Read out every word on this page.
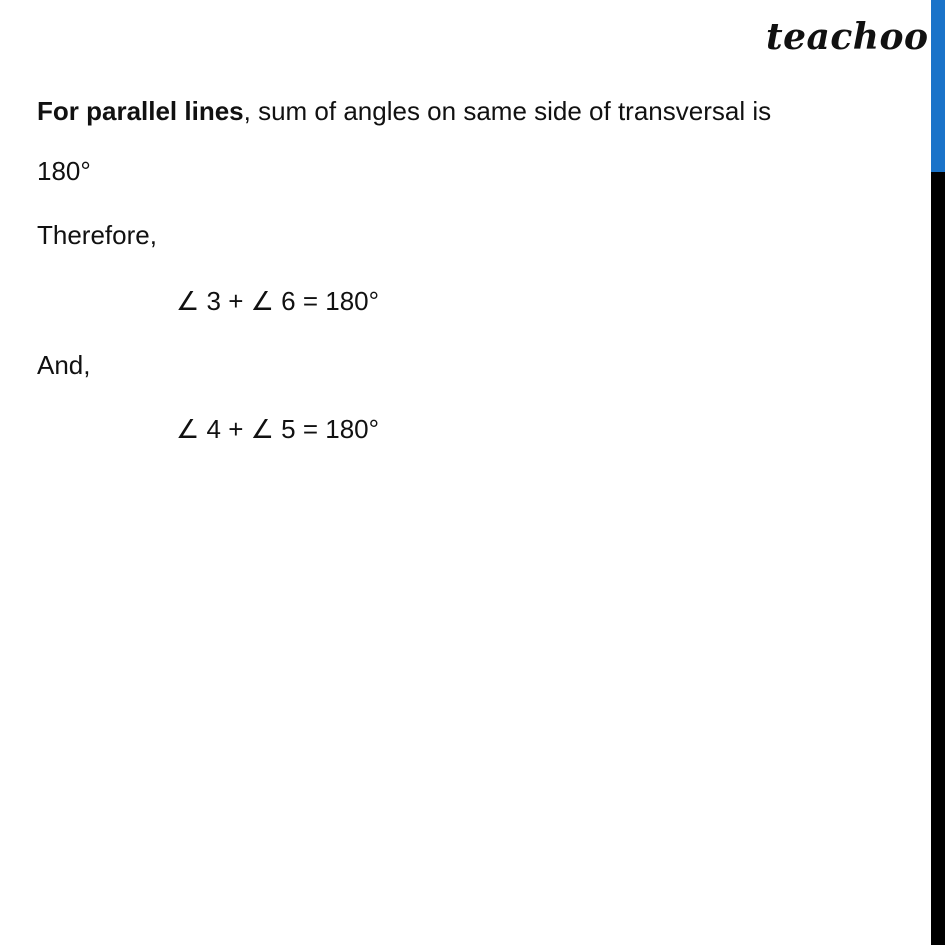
teachoo
For parallel lines, sum of angles on same side of transversal is
180°
Therefore,
∠ 3 + ∠ 6 = 180°
And,
∠ 4 + ∠ 5 = 180°
